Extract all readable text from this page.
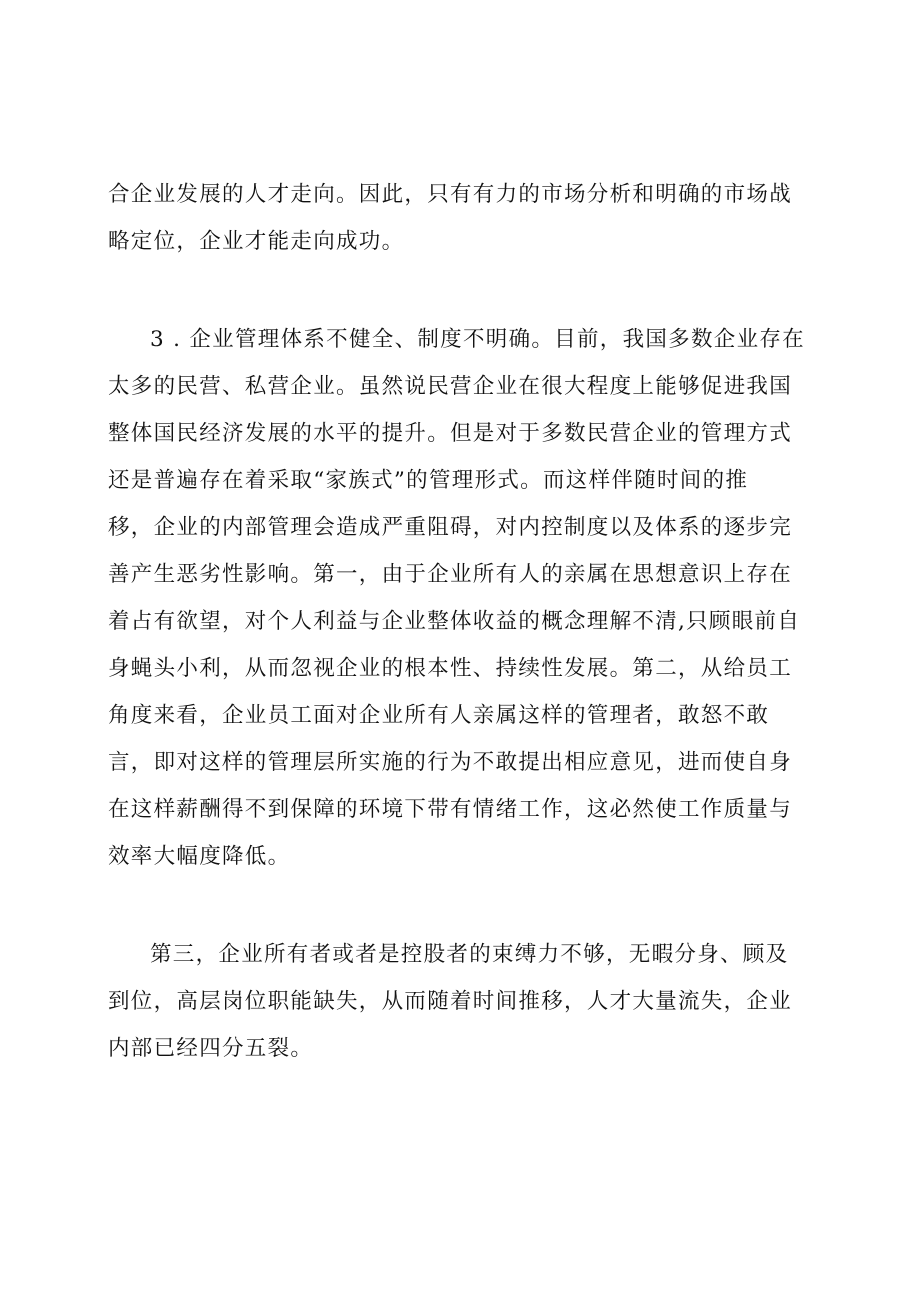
合企业发展的人才走向。因此，只有有力的市场分析和明确的市场战

略定位，企业才能走向成功。

3 . 企业管理体系不健全、制度不明确。目前，我国多数企业存在

太多的民营、私营企业。虽然说民营企业在很大程度上能够促进我国

整体国民经济发展的水平的提升。但是对于多数民营企业的管理方式

还是普遍存在着采取“家族式”的管理形式。而这样伴随时间的推

移，企业的内部管理会造成严重阻碍，对内控制度以及体系的逐步完

善产生恶劣性影响。第一，由于企业所有人的亲属在思想意识上存在

着占有欲望，对个人利益与企业整体收益的概念理解不清,只顾眼前自

身蝇头小利，从而忽视企业的根本性、持续性发展。第二，从给员工

角度来看，企业员工面对企业所有人亲属这样的管理者，敢怒不敢

言，即对这样的管理层所实施的行为不敢提出相应意见，进而使自身

在这样薪酬得不到保障的环境下带有情绪工作，这必然使工作质量与

效率大幅度降低。

第三，企业所有者或者是控股者的束缚力不够，无暇分身、顾及

到位，高层岗位职能缺失，从而随着时间推移，人才大量流失，企业

内部已经四分五裂。
